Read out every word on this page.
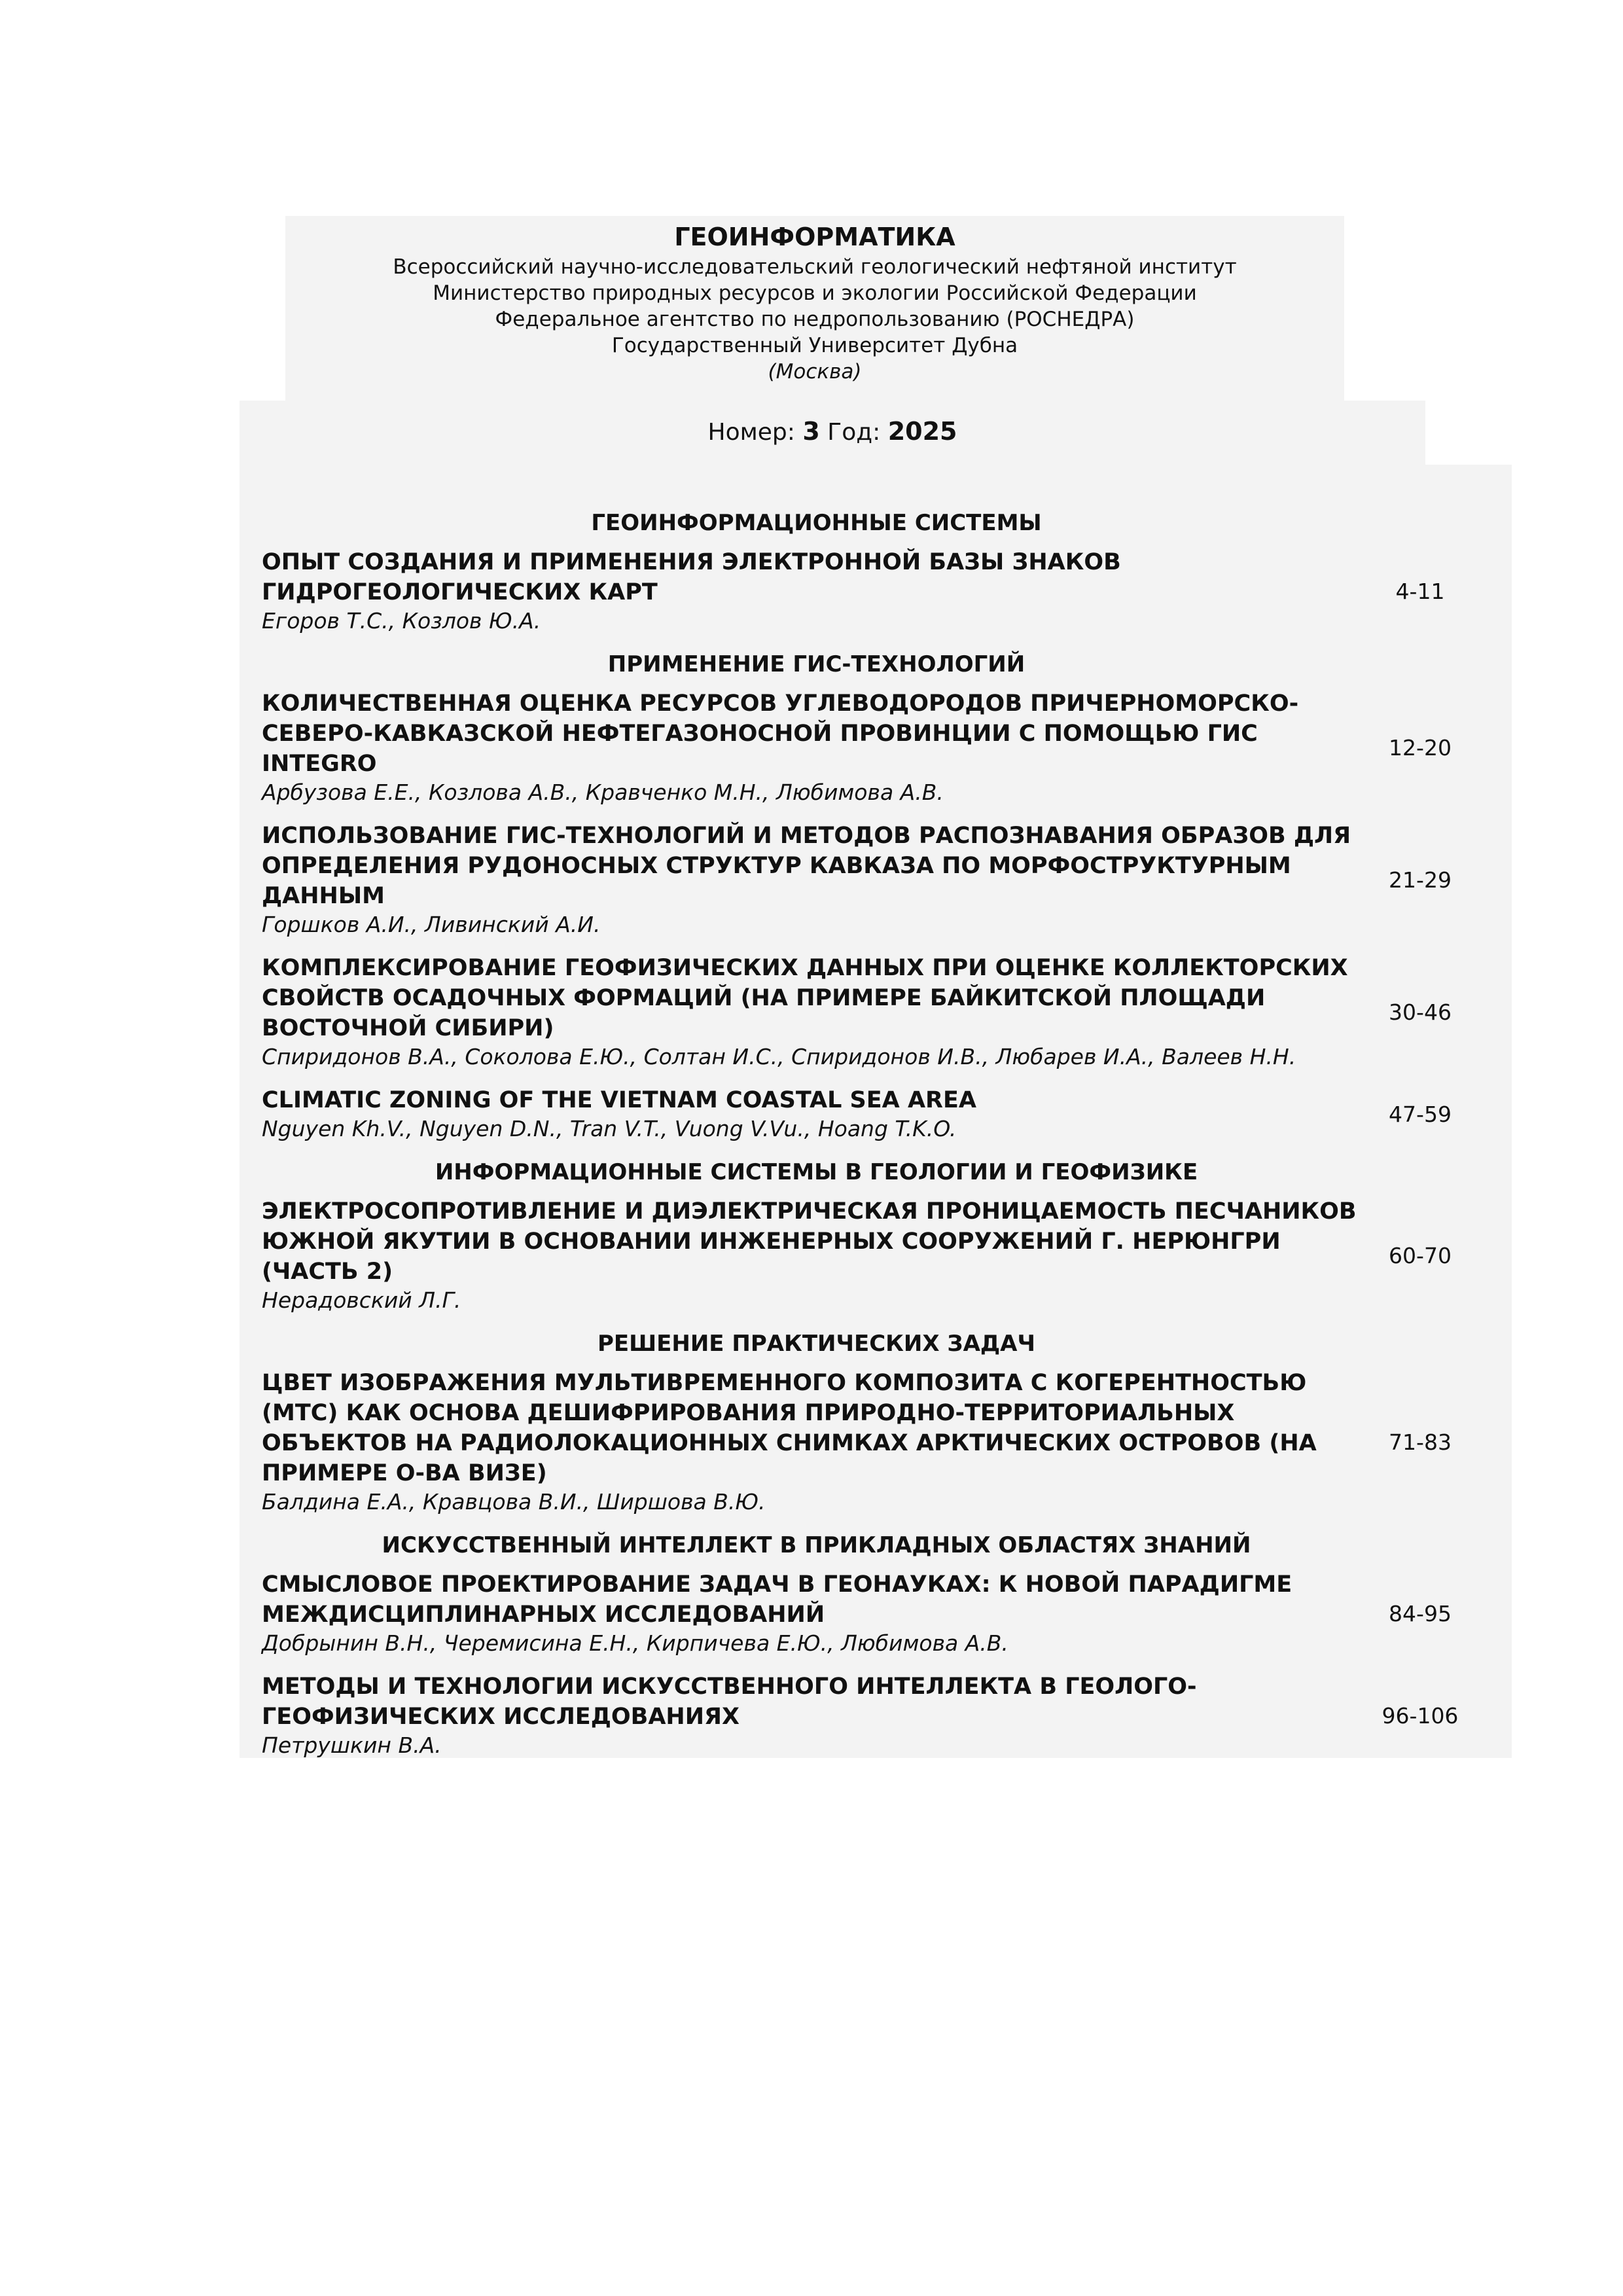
ГЕОИНФОРМАТИКА
Всероссийский научно-исследовательский геологический нефтяной институт
Министерство природных ресурсов и экологии Российской Федерации
Федеральное агентство по недропользованию (РОСНЕДРА)
Государственный Университет Дубна
(Москва)
Номер: 3 Год: 2025
ГЕОИНФОРМАЦИОННЫЕ СИСТЕМЫ
ОПЫТ СОЗДАНИЯ И ПРИМЕНЕНИЯ ЭЛЕКТРОННОЙ БАЗЫ ЗНАКОВ ГИДРОГЕОЛОГИЧЕСКИХ КАРТ
Егоров Т.С., Козлов Ю.А.
4-11
ПРИМЕНЕНИЕ ГИС-ТЕХНОЛОГИЙ
КОЛИЧЕСТВЕННАЯ ОЦЕНКА РЕСУРСОВ УГЛЕВОДОРОДОВ ПРИЧЕРНОМОРСКО-СЕВЕРО-КАВКАЗСКОЙ НЕФТЕГАЗОНОСНОЙ ПРОВИНЦИИ С ПОМОЩЬЮ ГИС INTEGRO
Арбузова Е.Е., Козлова А.В., Кравченко М.Н., Любимова А.В.
12-20
ИСПОЛЬЗОВАНИЕ ГИС-ТЕХНОЛОГИЙ И МЕТОДОВ РАСПОЗНАВАНИЯ ОБРАЗОВ ДЛЯ ОПРЕДЕЛЕНИЯ РУДОНОСНЫХ СТРУКТУР КАВКАЗА ПО МОРФОСТРУКТУРНЫМ ДАННЫМ
Горшков А.И., Ливинский А.И.
21-29
КОМПЛЕКСИРОВАНИЕ ГЕОФИЗИЧЕСКИХ ДАННЫХ ПРИ ОЦЕНКЕ КОЛЛЕКТОРСКИХ СВОЙСТВ ОСАДОЧНЫХ ФОРМАЦИЙ (НА ПРИМЕРЕ БАЙКИТСКОЙ ПЛОЩАДИ ВОСТОЧНОЙ СИБИРИ)
Спиридонов В.А., Соколова Е.Ю., Солтан И.С., Спиридонов И.В., Любарев И.А., Валеев Н.Н.
30-46
CLIMATIC ZONING OF THE VIETNAM COASTAL SEA AREA
Nguyen Kh.V., Nguyen D.N., Tran V.T., Vuong V.Vu., Hoang T.K.O.
47-59
ИНФОРМАЦИОННЫЕ СИСТЕМЫ В ГЕОЛОГИИ И ГЕОФИЗИКЕ
ЭЛЕКТРОСОПРОТИВЛЕНИЕ И ДИЭЛЕКТРИЧЕСКАЯ ПРОНИЦАЕМОСТЬ ПЕСЧАНИКОВ ЮЖНОЙ ЯКУТИИ В ОСНОВАНИИ ИНЖЕНЕРНЫХ СООРУЖЕНИЙ Г. НЕРЮНГРИ (ЧАСТЬ 2)
Нерадовский Л.Г.
60-70
РЕШЕНИЕ ПРАКТИЧЕСКИХ ЗАДАЧ
ЦВЕТ ИЗОБРАЖЕНИЯ МУЛЬТИВРЕМЕННОГО КОМПОЗИТА С КОГЕРЕНТНОСТЬЮ (МТС) КАК ОСНОВА ДЕШИФРИРОВАНИЯ ПРИРОДНО-ТЕРРИТОРИАЛЬНЫХ ОБЪЕКТОВ НА РАДИОЛОКАЦИОННЫХ СНИМКАХ АРКТИЧЕСКИХ ОСТРОВОВ (НА ПРИМЕРЕ О-ВА ВИЗЕ)
Балдина Е.А., Кравцова В.И., Ширшова В.Ю.
71-83
ИСКУССТВЕННЫЙ ИНТЕЛЛЕКТ В ПРИКЛАДНЫХ ОБЛАСТЯХ ЗНАНИЙ
СМЫСЛОВОЕ ПРОЕКТИРОВАНИЕ ЗАДАЧ В ГЕОНАУКАХ: К НОВОЙ ПАРАДИГМЕ МЕЖДИСЦИПЛИНАРНЫХ ИССЛЕДОВАНИЙ
Добрынин В.Н., Черемисина Е.Н., Кирпичева Е.Ю., Любимова А.В.
84-95
МЕТОДЫ И ТЕХНОЛОГИИ ИСКУССТВЕННОГО ИНТЕЛЛЕКТА В ГЕОЛОГО-ГЕОФИЗИЧЕСКИХ ИССЛЕДОВАНИЯХ
Петрушкин В.А.
96-106
